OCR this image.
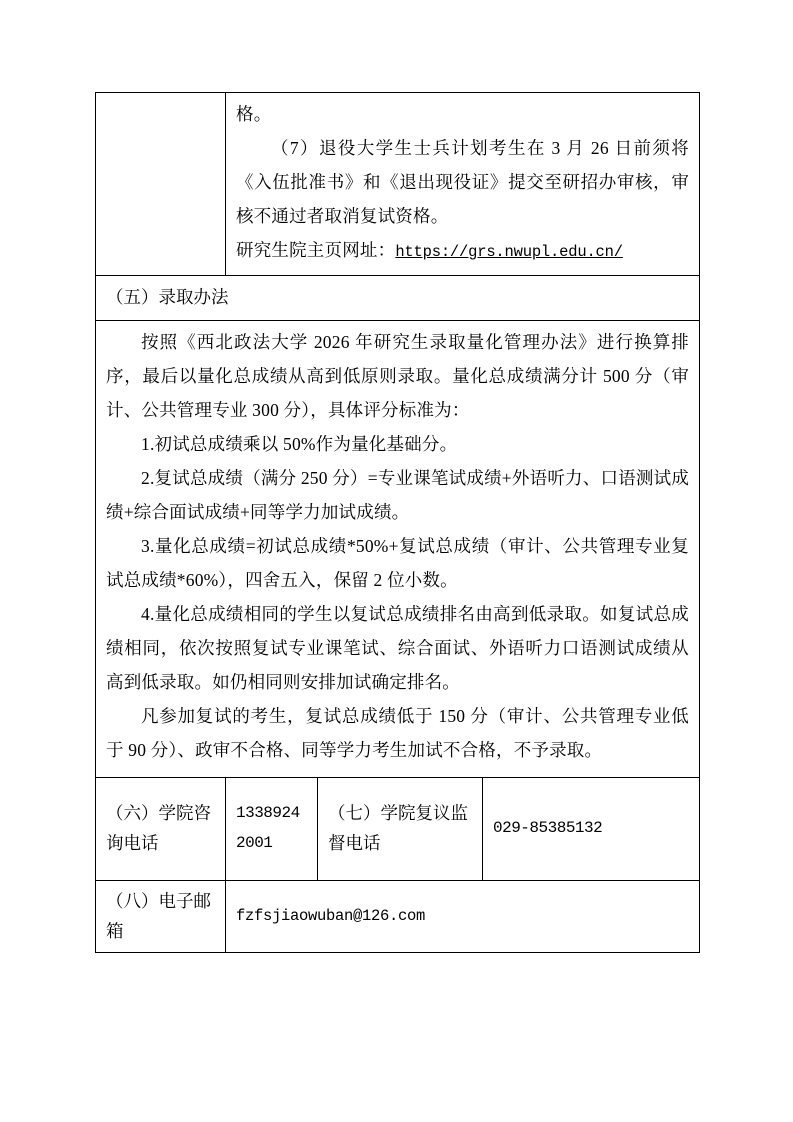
	格。

（7）退役大学生士兵计划考生在 3 月 26 日前须将《入伍批准书》和《退出现役证》提交至研招办审核，审核不通过者取消复试资格。

研究生院主页网址：https://grs.nwupl.edu.cn/		

（五）录取办法			

按照《西北政法大学 2026 年研究生录取量化管理办法》进行换算排序，最后以量化总成绩从高到低原则录取。量化总成绩满分计 500 分（审计、公共管理专业 300 分），具体评分标准为：

1.初试总成绩乘以 50%作为量化基础分。

2.复试总成绩（满分 250 分）=专业课笔试成绩+外语听力、口语测试成绩+综合面试成绩+同等学力加试成绩。

3.量化总成绩=初试总成绩*50%+复试总成绩（审计、公共管理专业复试总成绩*60%），四舍五入，保留 2 位小数。

4.量化总成绩相同的学生以复试总成绩排名由高到低录取。如复试总成绩相同，依次按照复试专业课笔试、综合面试、外语听力口语测试成绩从高到低录取。如仍相同则安排加试确定排名。

凡参加复试的考生，复试总成绩低于 150 分（审计、公共管理专业低于 90 分）、政审不合格、同等学力考生加试不合格，不予录取。

（六）学院咨询电话	13389242001	（七）学院复议监督电话	029-85385132

（八）电子邮箱	fzfsjiaowuban@126.com		
